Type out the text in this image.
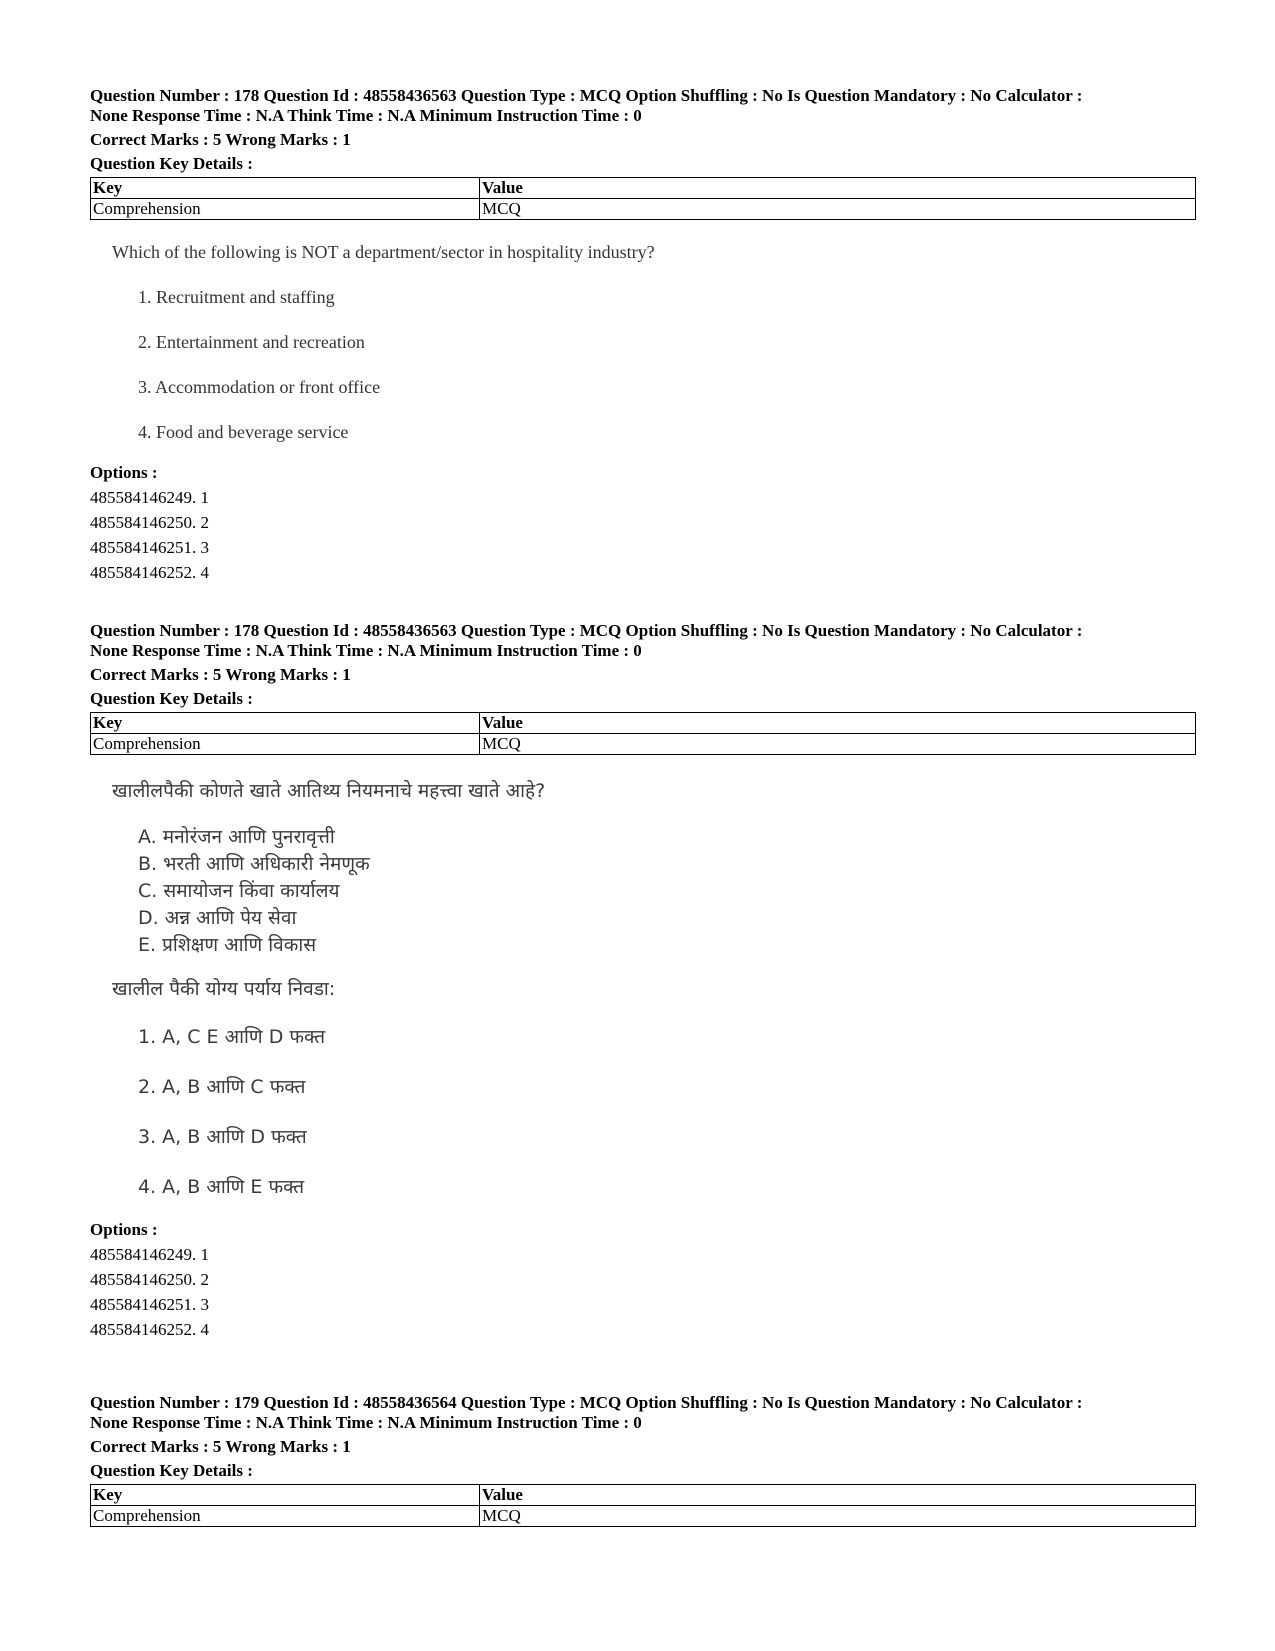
Question Number : 178 Question Id : 48558436563 Question Type : MCQ Option Shuffling : No Is Question Mandatory : No Calculator :
None Response Time : N.A Think Time : N.A Minimum Instruction Time : 0
Correct Marks : 5 Wrong Marks : 1
Question Key Details :

Key	Value
Comprehension	MCQ
Which of the following is NOT a department/sector in hospitality industry?
1. Recruitment and staffing
2. Entertainment and recreation
3. Accommodation or front office
4. Food and beverage service
Options :
485584146249. 1
485584146250. 2
485584146251. 3
485584146252. 4

Question Number : 178 Question Id : 48558436563 Question Type : MCQ Option Shuffling : No Is Question Mandatory : No Calculator :
None Response Time : N.A Think Time : N.A Minimum Instruction Time : 0
Correct Marks : 5 Wrong Marks : 1
Question Key Details :

Key	Value
Comprehension	MCQ
खालीलपैकी कोणते खाते आतिथ्य नियमनाचे महत्त्वा खाते आहे?
A. मनोरंजन आणि पुनरावृत्ती
B. भरती आणि अधिकारी नेमणूक
C. समायोजन किंवा कार्यालय
D. अन्न आणि पेय सेवा
E. प्रशिक्षण आणि विकास
खालील पैकी योग्य पर्याय निवडा:
1. A, C E आणि D फक्त
2. A, B आणि C फक्त
3. A, B आणि D फक्त
4. A, B आणि E फक्त
Options :
485584146249. 1
485584146250. 2
485584146251. 3
485584146252. 4

Question Number : 179 Question Id : 48558436564 Question Type : MCQ Option Shuffling : No Is Question Mandatory : No Calculator :
None Response Time : N.A Think Time : N.A Minimum Instruction Time : 0
Correct Marks : 5 Wrong Marks : 1
Question Key Details :

Key	Value
Comprehension	MCQ
